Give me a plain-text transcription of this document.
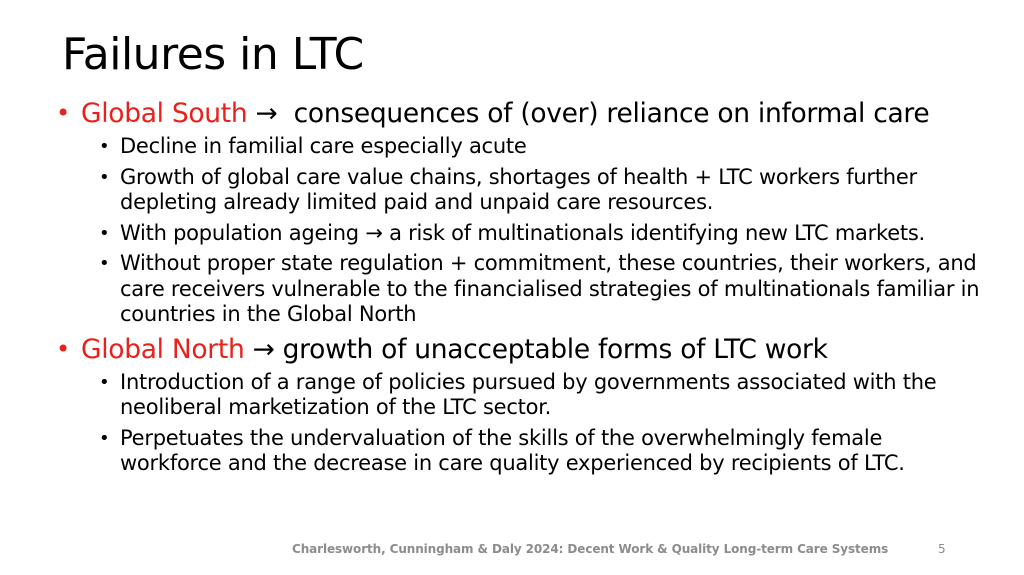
Failures in LTC
• Global South → consequences of (over) reliance on informal care
• Decline in familial care especially acute
• Growth of global care value chains, shortages of health + LTC workers further depleting already limited paid and unpaid care resources.
• With population ageing → a risk of multinationals identifying new LTC markets.
• Without proper state regulation + commitment, these countries, their workers, and care receivers vulnerable to the financialised strategies of multinationals familiar in countries in the Global North
• Global North → growth of unacceptable forms of LTC work
• Introduction of a range of policies pursued by governments associated with the neoliberal marketization of the LTC sector.
• Perpetuates the undervaluation of the skills of the overwhelmingly female workforce and the decrease in care quality experienced by recipients of LTC.
Charlesworth, Cunningham & Daly 2024: Decent Work & Quality Long-term Care Systems	5
